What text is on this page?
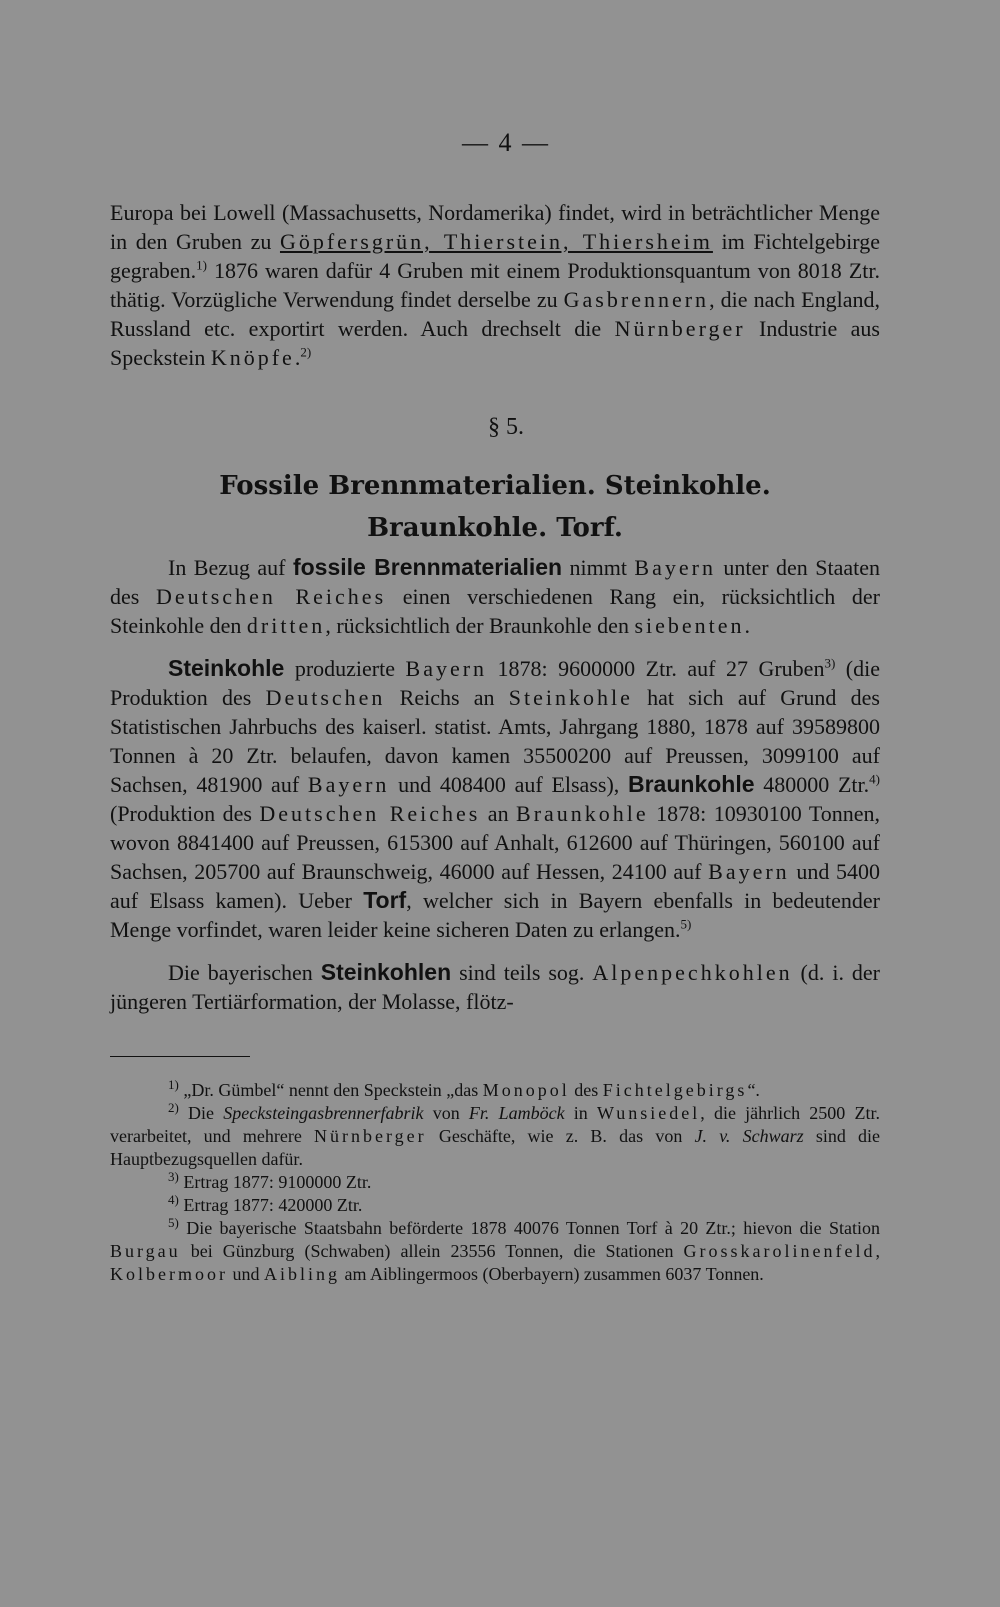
— 4 —

Europa bei Lowell (Massachusetts, Nordamerika) findet, wird in beträchtlicher Menge in den Gruben zu Göpfersgrün, Thierstein, Thiersheim im Fichtelgebirge gegraben.$^{1)}$ 1876 waren dafür 4 Gruben mit einem Produktionsquantum von 8018 Ztr. thätig. Vorzügliche Verwendung findet derselbe zu Gasbrennern, die nach England, Russland etc. exportirt werden. Auch drechselt die Nürnberger Industrie aus Speckstein Knöpfe.$^{2)}$

§ 5.
Fossile Brennmaterialien. Steinkohle.
Braunkohle. Torf.

In Bezug auf fossile Brennmaterialien nimmt Bayern unter den Staaten des Deutschen Reiches einen verschiedenen Rang ein, rücksichtlich der Steinkohle den dritten, rücksichtlich der Braunkohle den siebenten.

Steinkohle produzierte Bayern 1878: 9600000 Ztr. auf 27 Gruben$^{3)}$ (die Produktion des Deutschen Reichs an Steinkohle hat sich auf Grund des Statistischen Jahrbuchs des kaiserl. statist. Amts, Jahrgang 1880, 1878 auf 39589800 Tonnen à 20 Ztr. belaufen, davon kamen 35500200 auf Preussen, 3099100 auf Sachsen, 481900 auf Bayern und 408400 auf Elsass), Braunkohle 480000 Ztr.$^{4)}$ (Produktion des Deutschen Reiches an Braunkohle 1878: 10930100 Tonnen, wovon 8841400 auf Preussen, 615300 auf Anhalt, 612600 auf Thüringen, 560100 auf Sachsen, 205700 auf Braunschweig, 46000 auf Hessen, 24100 auf Bayern und 5400 auf Elsass kamen). Ueber Torf, welcher sich in Bayern ebenfalls in bedeutender Menge vorfindet, waren leider keine sicheren Daten zu erlangen.$^{5)}$

Die bayerischen Steinkohlen sind teils sog. Alpenpechkohlen (d. i. der jüngeren Tertiärformation, der Molasse, flötz-

$^{1)}$ „Dr. Gümbel“ nennt den Speckstein „das Monopol des Fichtelgebirgs“.

$^{2)}$ Die Specksteingasbrennerfabrik von Fr. Lamböck in Wunsiedel, die jährlich 2500 Ztr. verarbeitet, und mehrere Nürnberger Geschäfte, wie z. B. das von J. v. Schwarz sind die Hauptbezugsquellen dafür.

$^{3)}$ Ertrag 1877: 9100000 Ztr.

$^{4)}$ Ertrag 1877: 420000 Ztr.

$^{5)}$ Die bayerische Staatsbahn beförderte 1878 40076 Tonnen Torf à 20 Ztr.; hievon die Station Burgau bei Günzburg (Schwaben) allein 23556 Tonnen, die Stationen Grosskarolinenfeld, Kolbermoor und Aibling am Aiblingermoos (Oberbayern) zusammen 6037 Tonnen.
